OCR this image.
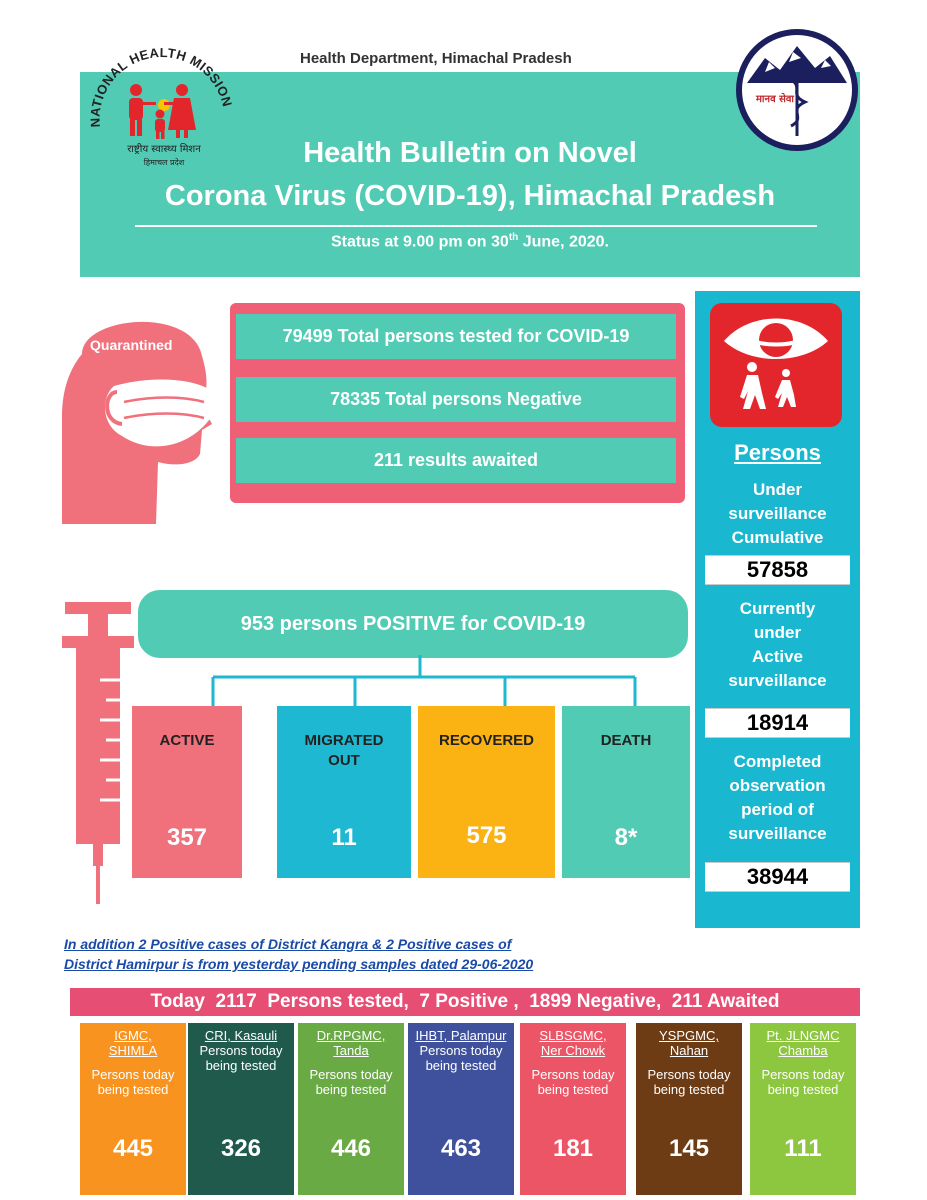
Health Department, Himachal Pradesh
Health Bulletin on Novel
Corona Virus (COVID-19), Himachal Pradesh
Status at 9.00 pm on 30th June, 2020.
NATIONAL HEALTH MISSION
राष्ट्रीय स्वास्थ्य मिशन
हिमाचल प्रदेश
मानव सेवा
Quarantined	79499 Total persons tested for COVID-19
78335 Total persons Negative
211 results awaited	Persons
Under
surveillance
Cumulative
57858
Currently
under
Active
surveillance
18914
Completed
observation
period of
surveillance
38944
953 persons POSITIVE for COVID-19
ACTIVE
357
MIGRATED
OUT
11
RECOVERED
575
DEATH
8*
In addition 2 Positive cases of District Kangra & 2 Positive cases of
District Hamirpur is from yesterday pending samples dated 29-06-2020
Today  2117  Persons tested,  7 Positive ,  1899 Negative,  211 Awaited
IGMC,
SHIMLA
Persons today
being tested
445
CRI, Kasauli
Persons today
being tested
326
Dr.RPGMC,
Tanda
Persons today
being tested
446
IHBT, Palampur
Persons today
being tested
463
SLBSGMC,
Ner Chowk
Persons today
being tested
181
YSPGMC,
Nahan
Persons today
being tested
145
Pt. JLNGMC
Chamba
Persons today
being tested
111
